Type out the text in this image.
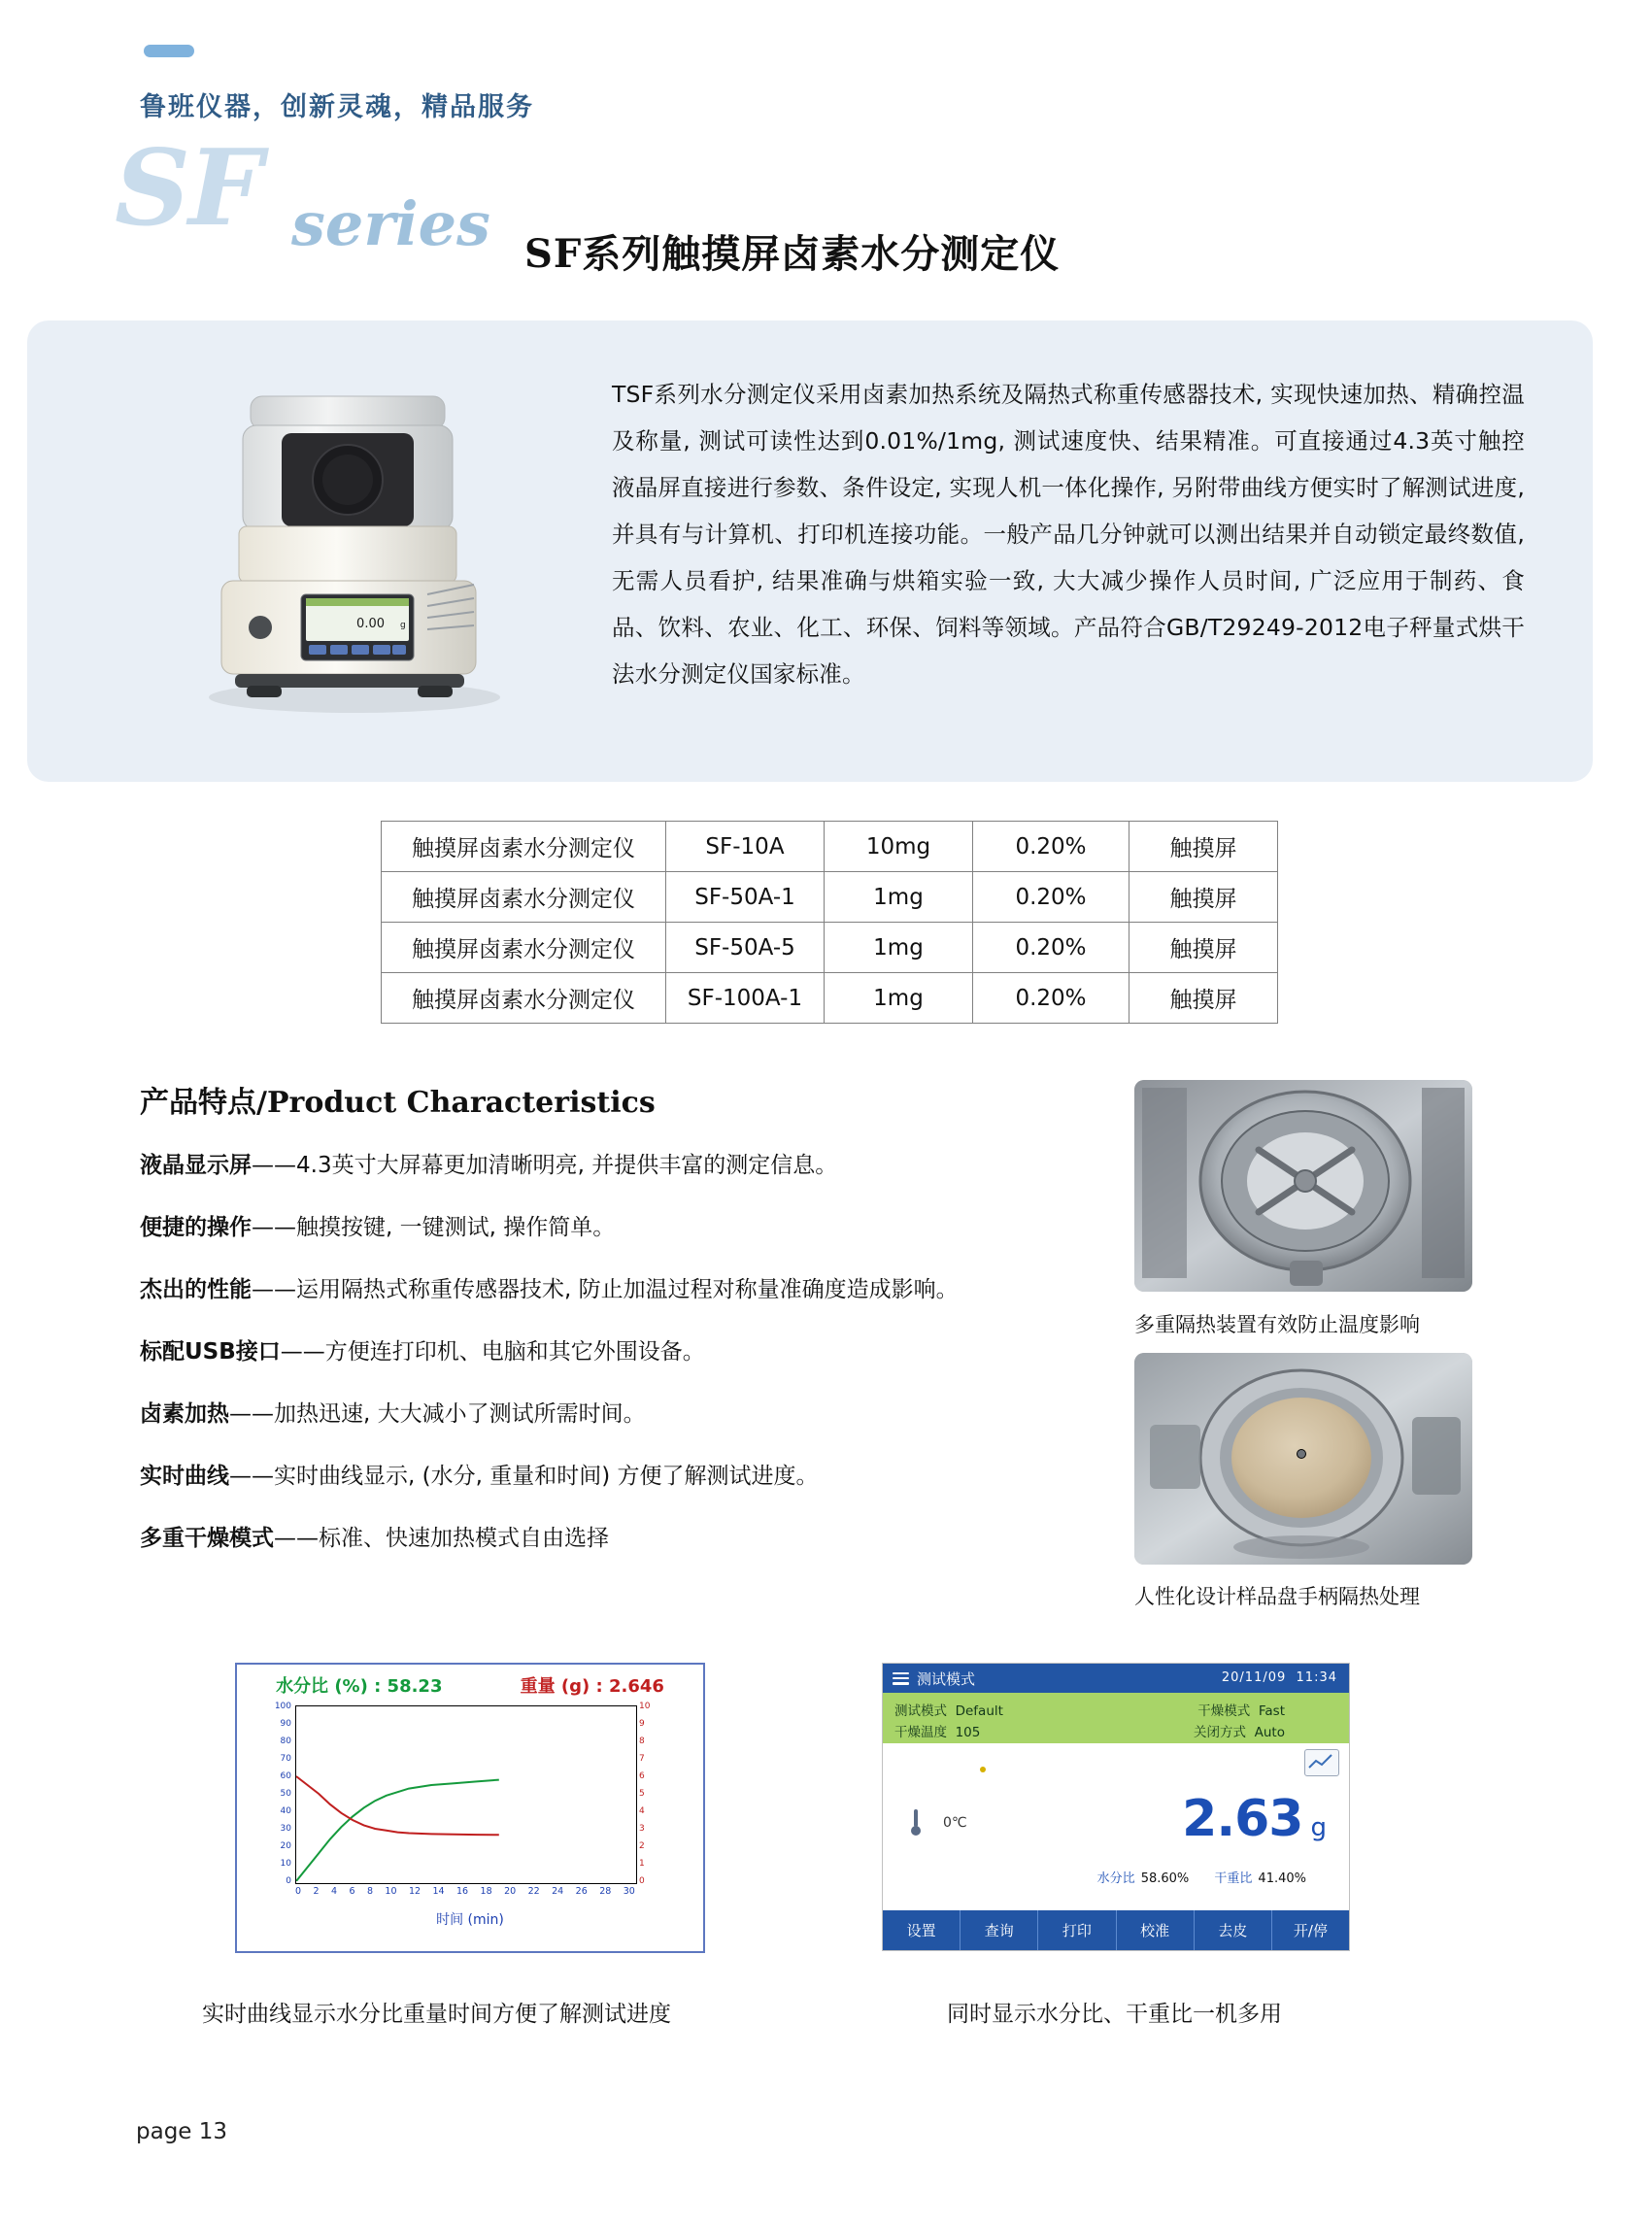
鲁班仪器，创新灵魂，精品服务
SF series SF系列触摸屏卤素水分测定仪
0.00 g
TSF系列水分测定仪采用卤素加热系统及隔热式称重传感器技术, 实现快速加热、精确控温及称量, 测试可读性达到0.01%/1mg, 测试速度快、结果精准。可直接通过4.3英寸触控液晶屏直接进行参数、条件设定, 实现人机一体化操作, 另附带曲线方便实时了解测试进度, 并具有与计算机、打印机连接功能。一般产品几分钟就可以测出结果并自动锁定最终数值, 无需人员看护, 结果准确与烘箱实验一致, 大大减少操作人员时间, 广泛应用于制药、食品、饮料、农业、化工、环保、饲料等领域。产品符合GB/T29249-2012电子秤量式烘干法水分测定仪国家标准。
触摸屏卤素水分测定仪	SF-10A	10mg	0.20%	触摸屏
触摸屏卤素水分测定仪	SF-50A-1	1mg	0.20%	触摸屏
触摸屏卤素水分测定仪	SF-50A-5	1mg	0.20%	触摸屏
触摸屏卤素水分测定仪	SF-100A-1	1mg	0.20%	触摸屏
产品特点/Product Characteristics
液晶显示屏——4.3英寸大屏幕更加清晰明亮, 并提供丰富的测定信息。
便捷的操作——触摸按键, 一键测试, 操作简单。
杰出的性能——运用隔热式称重传感器技术, 防止加温过程对称量准确度造成影响。
标配USB接口——方便连打印机、电脑和其它外围设备。
卤素加热——加热迅速, 大大减小了测试所需时间。
实时曲线——实时曲线显示, (水分, 重量和时间) 方便了解测试进度。
多重干燥模式——标准、快速加热模式自由选择
多重隔热装置有效防止温度影响
人性化设计样品盘手柄隔热处理
水分比 (%) : 58.23	重量 (g) : 2.646
100
90
80
70
60
50
40
30
20
10
0
10
9
8
7
6
5
4
3
2
1
0
0 2 4 6 8 10 12 14 16 18 20 22 24 26 28 30
时间 (min)
实时曲线显示水分比重量时间方便了解测试进度
测试模式	20/11/09 11:34
测试模式 Default
干燥温度 105
干燥模式 Fast
关闭方式 Auto
0℃	2.63 g
水分比 58.60% 干重比 41.40%
设置	查询	打印	校准	去皮	开/停
同时显示水分比、干重比一机多用
page 13
